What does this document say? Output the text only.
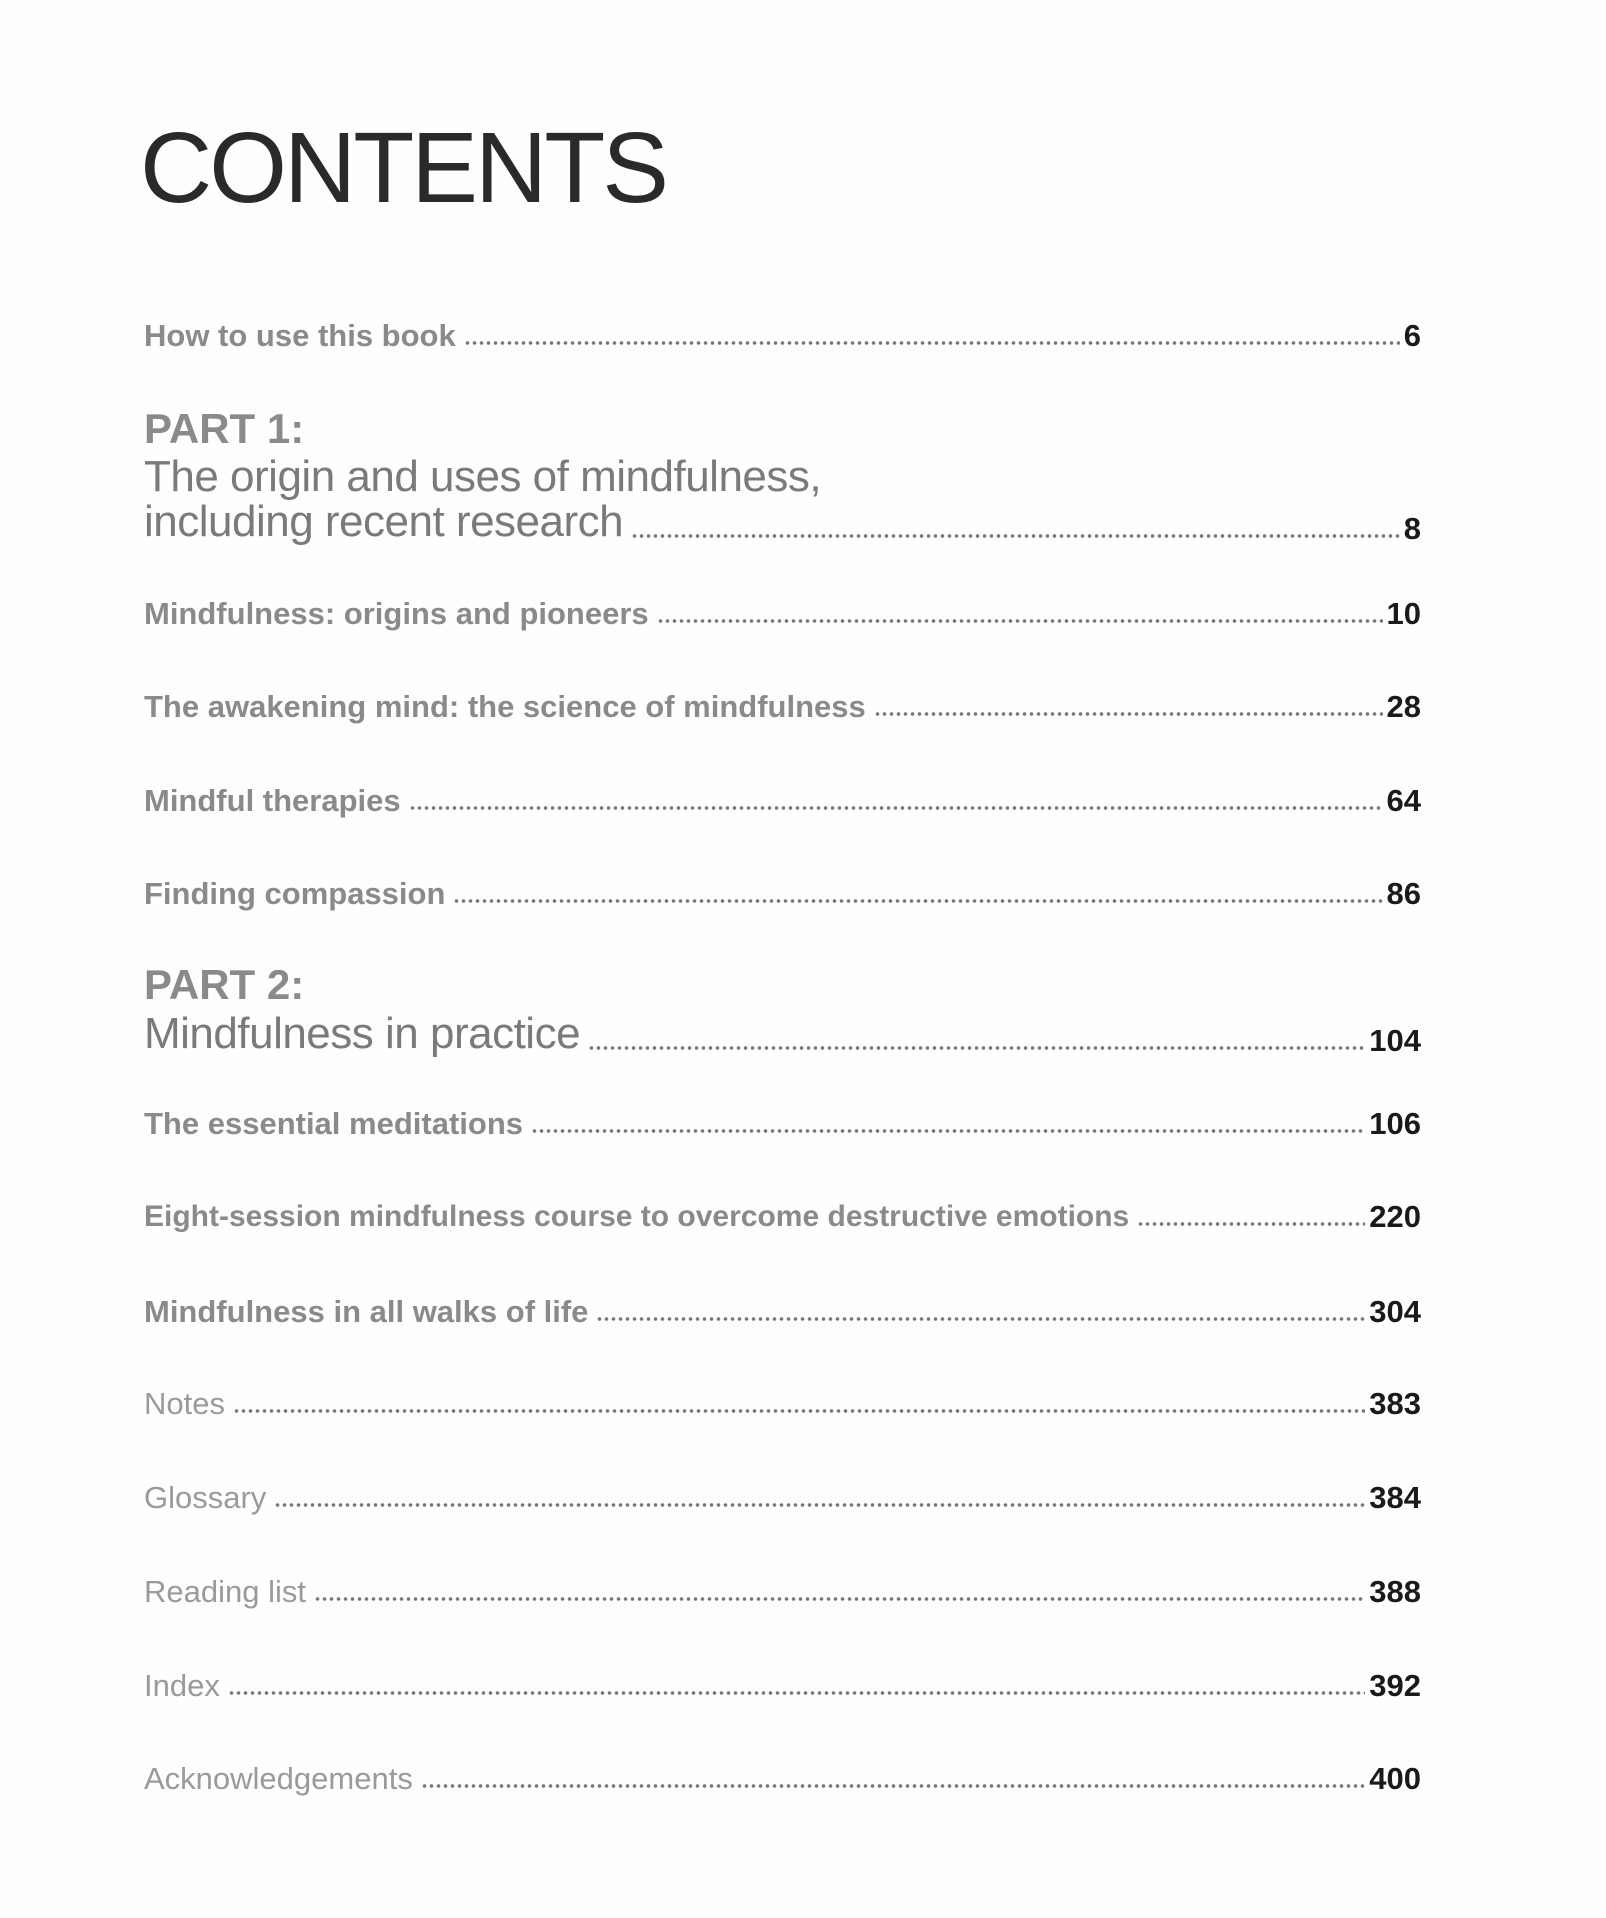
CONTENTS
How to use this book	6
PART 1:
The origin and uses of mindfulness,
including recent research	8
Mindfulness: origins and pioneers	10
The awakening mind: the science of mindfulness	28
Mindful therapies	64
Finding compassion	86
PART 2:
Mindfulness in practice	104
The essential meditations	106
Eight-session mindfulness course to overcome destructive emotions	220
Mindfulness in all walks of life	304
Notes	383
Glossary	384
Reading list	388
Index	392
Acknowledgements	400
